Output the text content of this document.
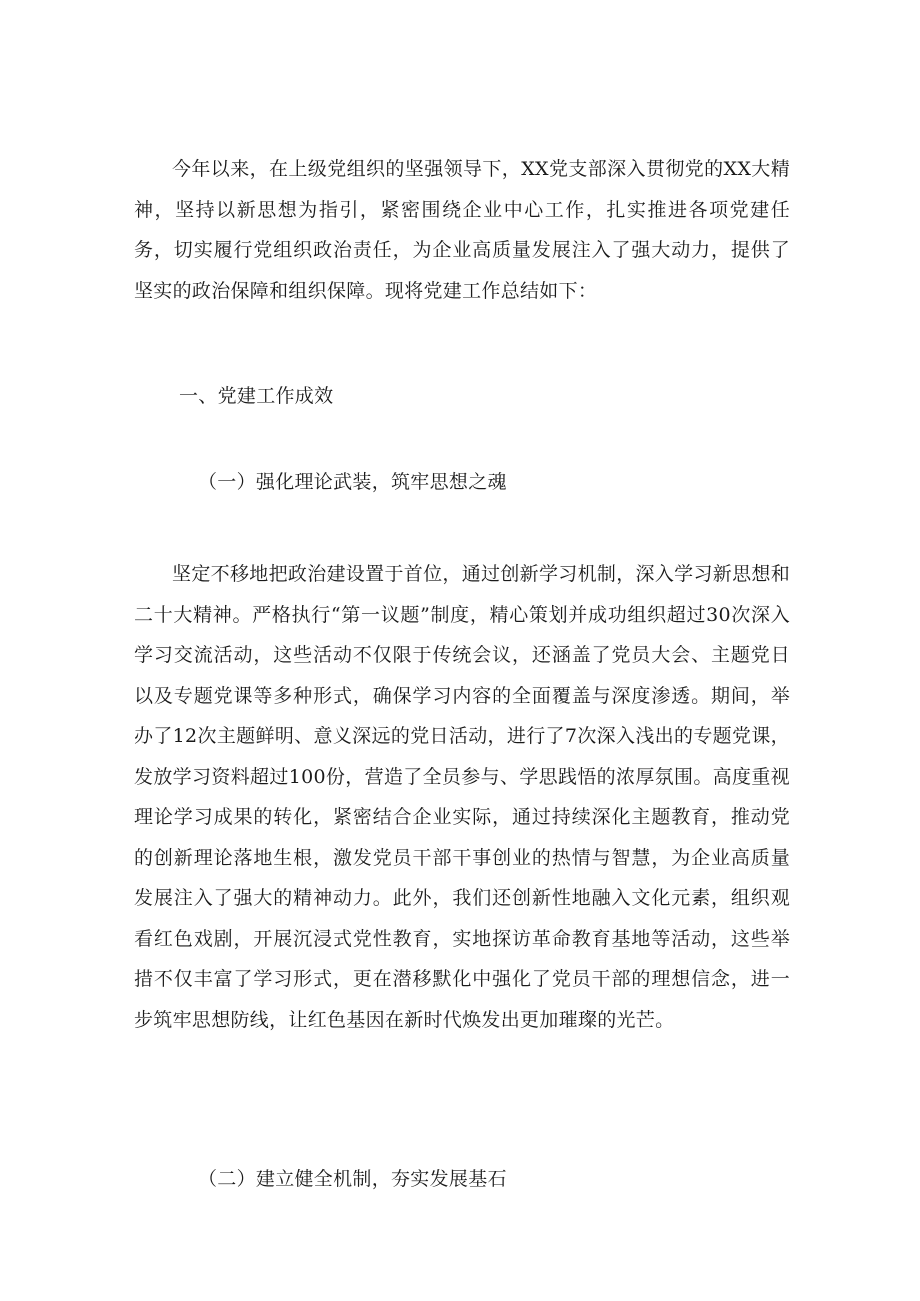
今年以来，在上级党组织的坚强领导下，XX党支部深入贯彻党的XX大精神，坚持以新思想为指引，紧密围绕企业中心工作，扎实推进各项党建任务，切实履行党组织政治责任，为企业高质量发展注入了强大动力，提供了坚实的政治保障和组织保障。现将党建工作总结如下：

一、党建工作成效
（一）强化理论武装，筑牢思想之魂

坚定不移地把政治建设置于首位，通过创新学习机制，深入学习新思想和二十大精神。严格执行“第一议题”制度，精心策划并成功组织超过30次深入学习交流活动，这些活动不仅限于传统会议，还涵盖了党员大会、主题党日以及专题党课等多种形式，确保学习内容的全面覆盖与深度渗透。期间，举办了12次主题鲜明、意义深远的党日活动，进行了7次深入浅出的专题党课，发放学习资料超过100份，营造了全员参与、学思践悟的浓厚氛围。高度重视理论学习成果的转化，紧密结合企业实际，通过持续深化主题教育，推动党的创新理论落地生根，激发党员干部干事创业的热情与智慧，为企业高质量发展注入了强大的精神动力。此外，我们还创新性地融入文化元素，组织观看红色戏剧，开展沉浸式党性教育，实地探访革命教育基地等活动，这些举措不仅丰富了学习形式，更在潜移默化中强化了党员干部的理想信念，进一步筑牢思想防线，让红色基因在新时代焕发出更加璀璨的光芒。

（二）建立健全机制，夯实发展基石
